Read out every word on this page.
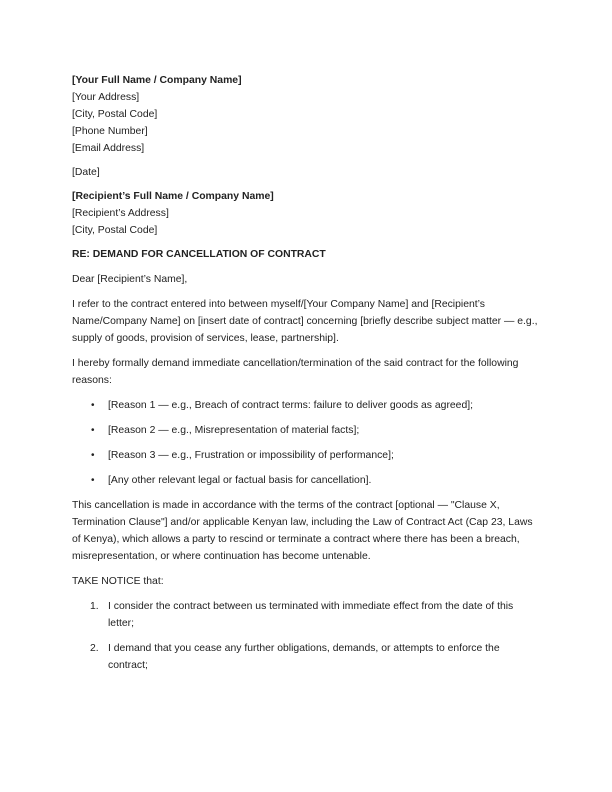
[Your Full Name / Company Name]
[Your Address]
[City, Postal Code]
[Phone Number]
[Email Address]
[Date]
[Recipient’s Full Name / Company Name]
[Recipient’s Address]
[City, Postal Code]
RE: DEMAND FOR CANCELLATION OF CONTRACT

Dear [Recipient’s Name],

I refer to the contract entered into between myself/[Your Company Name] and [Recipient’s Name/Company Name] on [insert date of contract] concerning [briefly describe subject matter — e.g., supply of goods, provision of services, lease, partnership].

I hereby formally demand immediate cancellation/termination of the said contract for the following reasons:

• [Reason 1 — e.g., Breach of contract terms: failure to deliver goods as agreed];
• [Reason 2 — e.g., Misrepresentation of material facts];
• [Reason 3 — e.g., Frustration or impossibility of performance];
• [Any other relevant legal or factual basis for cancellation].

This cancellation is made in accordance with the terms of the contract [optional — "Clause X, Termination Clause"] and/or applicable Kenyan law, including the Law of Contract Act (Cap 23, Laws of Kenya), which allows a party to rescind or terminate a contract where there has been a breach, misrepresentation, or where continuation has become untenable.

TAKE NOTICE that:

1. I consider the contract between us terminated with immediate effect from the date of this letter;
2. I demand that you cease any further obligations, demands, or attempts to enforce the contract;
